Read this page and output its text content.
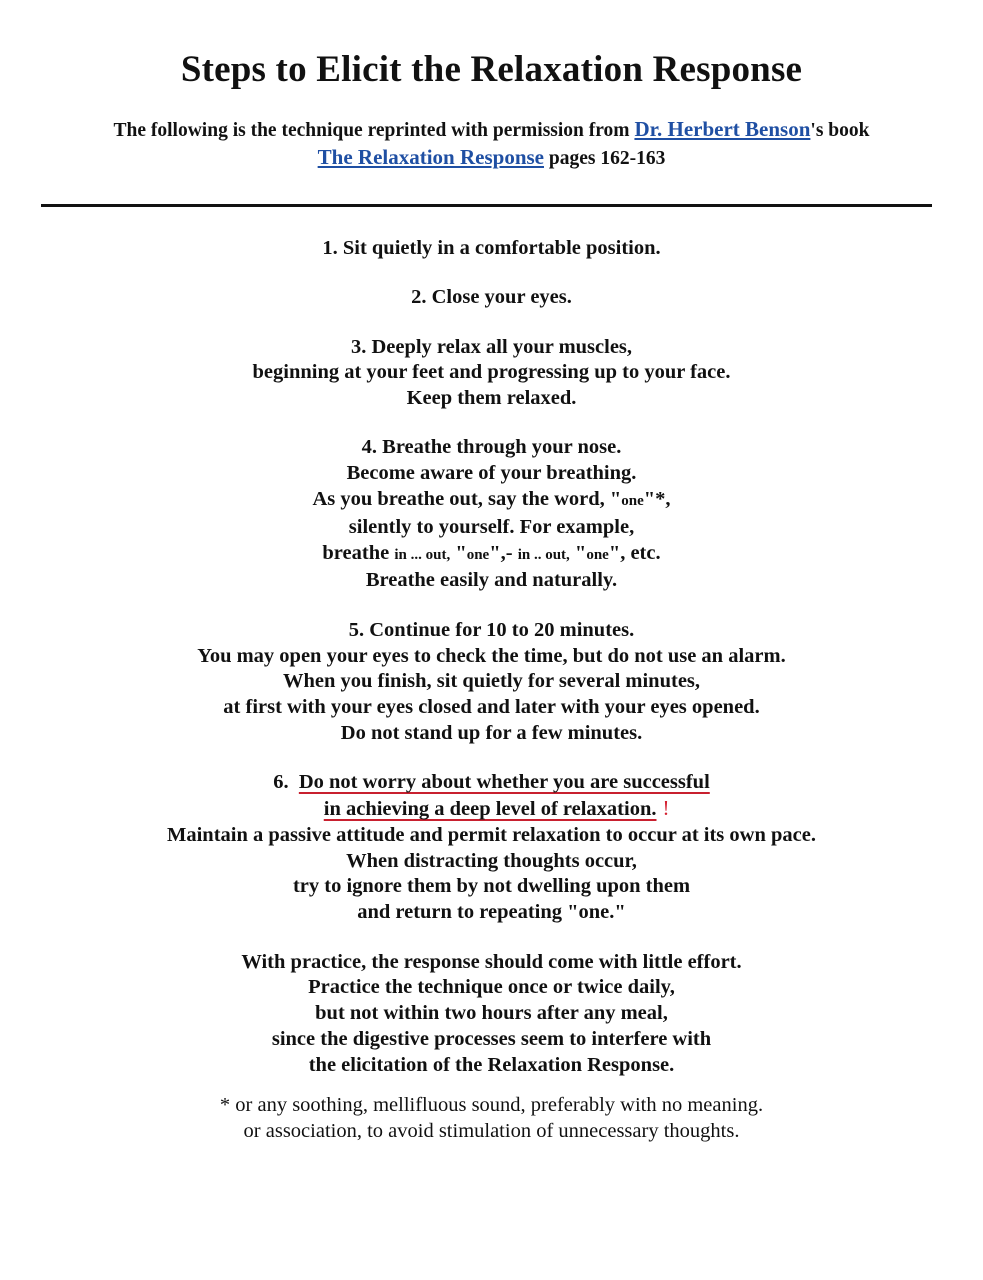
Steps to Elicit the Relaxation Response
The following is the technique reprinted with permission from Dr. Herbert Benson's book
The Relaxation Response pages 162-163
1. Sit quietly in a comfortable position.
2. Close your eyes.
3. Deeply relax all your muscles,
beginning at your feet and progressing up to your face.
Keep them relaxed.
4. Breathe through your nose.
Become aware of your breathing.
As you breathe out, say the word, "one"*,
silently to yourself. For example,
breathe in ... out, "one",- in .. out, "one", etc.
Breathe easily and naturally.
5. Continue for 10 to 20 minutes.
You may open your eyes to check the time, but do not use an alarm.
When you finish, sit quietly for several minutes,
at first with your eyes closed and later with your eyes opened.
Do not stand up for a few minutes.
6. Do not worry about whether you are successful
in achieving a deep level of relaxation. !
Maintain a passive attitude and permit relaxation to occur at its own pace.
When distracting thoughts occur,
try to ignore them by not dwelling upon them
and return to repeating "one."
With practice, the response should come with little effort.
Practice the technique once or twice daily,
but not within two hours after any meal,
since the digestive processes seem to interfere with
the elicitation of the Relaxation Response.
* or any soothing, mellifluous sound, preferably with no meaning.
or association, to avoid stimulation of unnecessary thoughts.
